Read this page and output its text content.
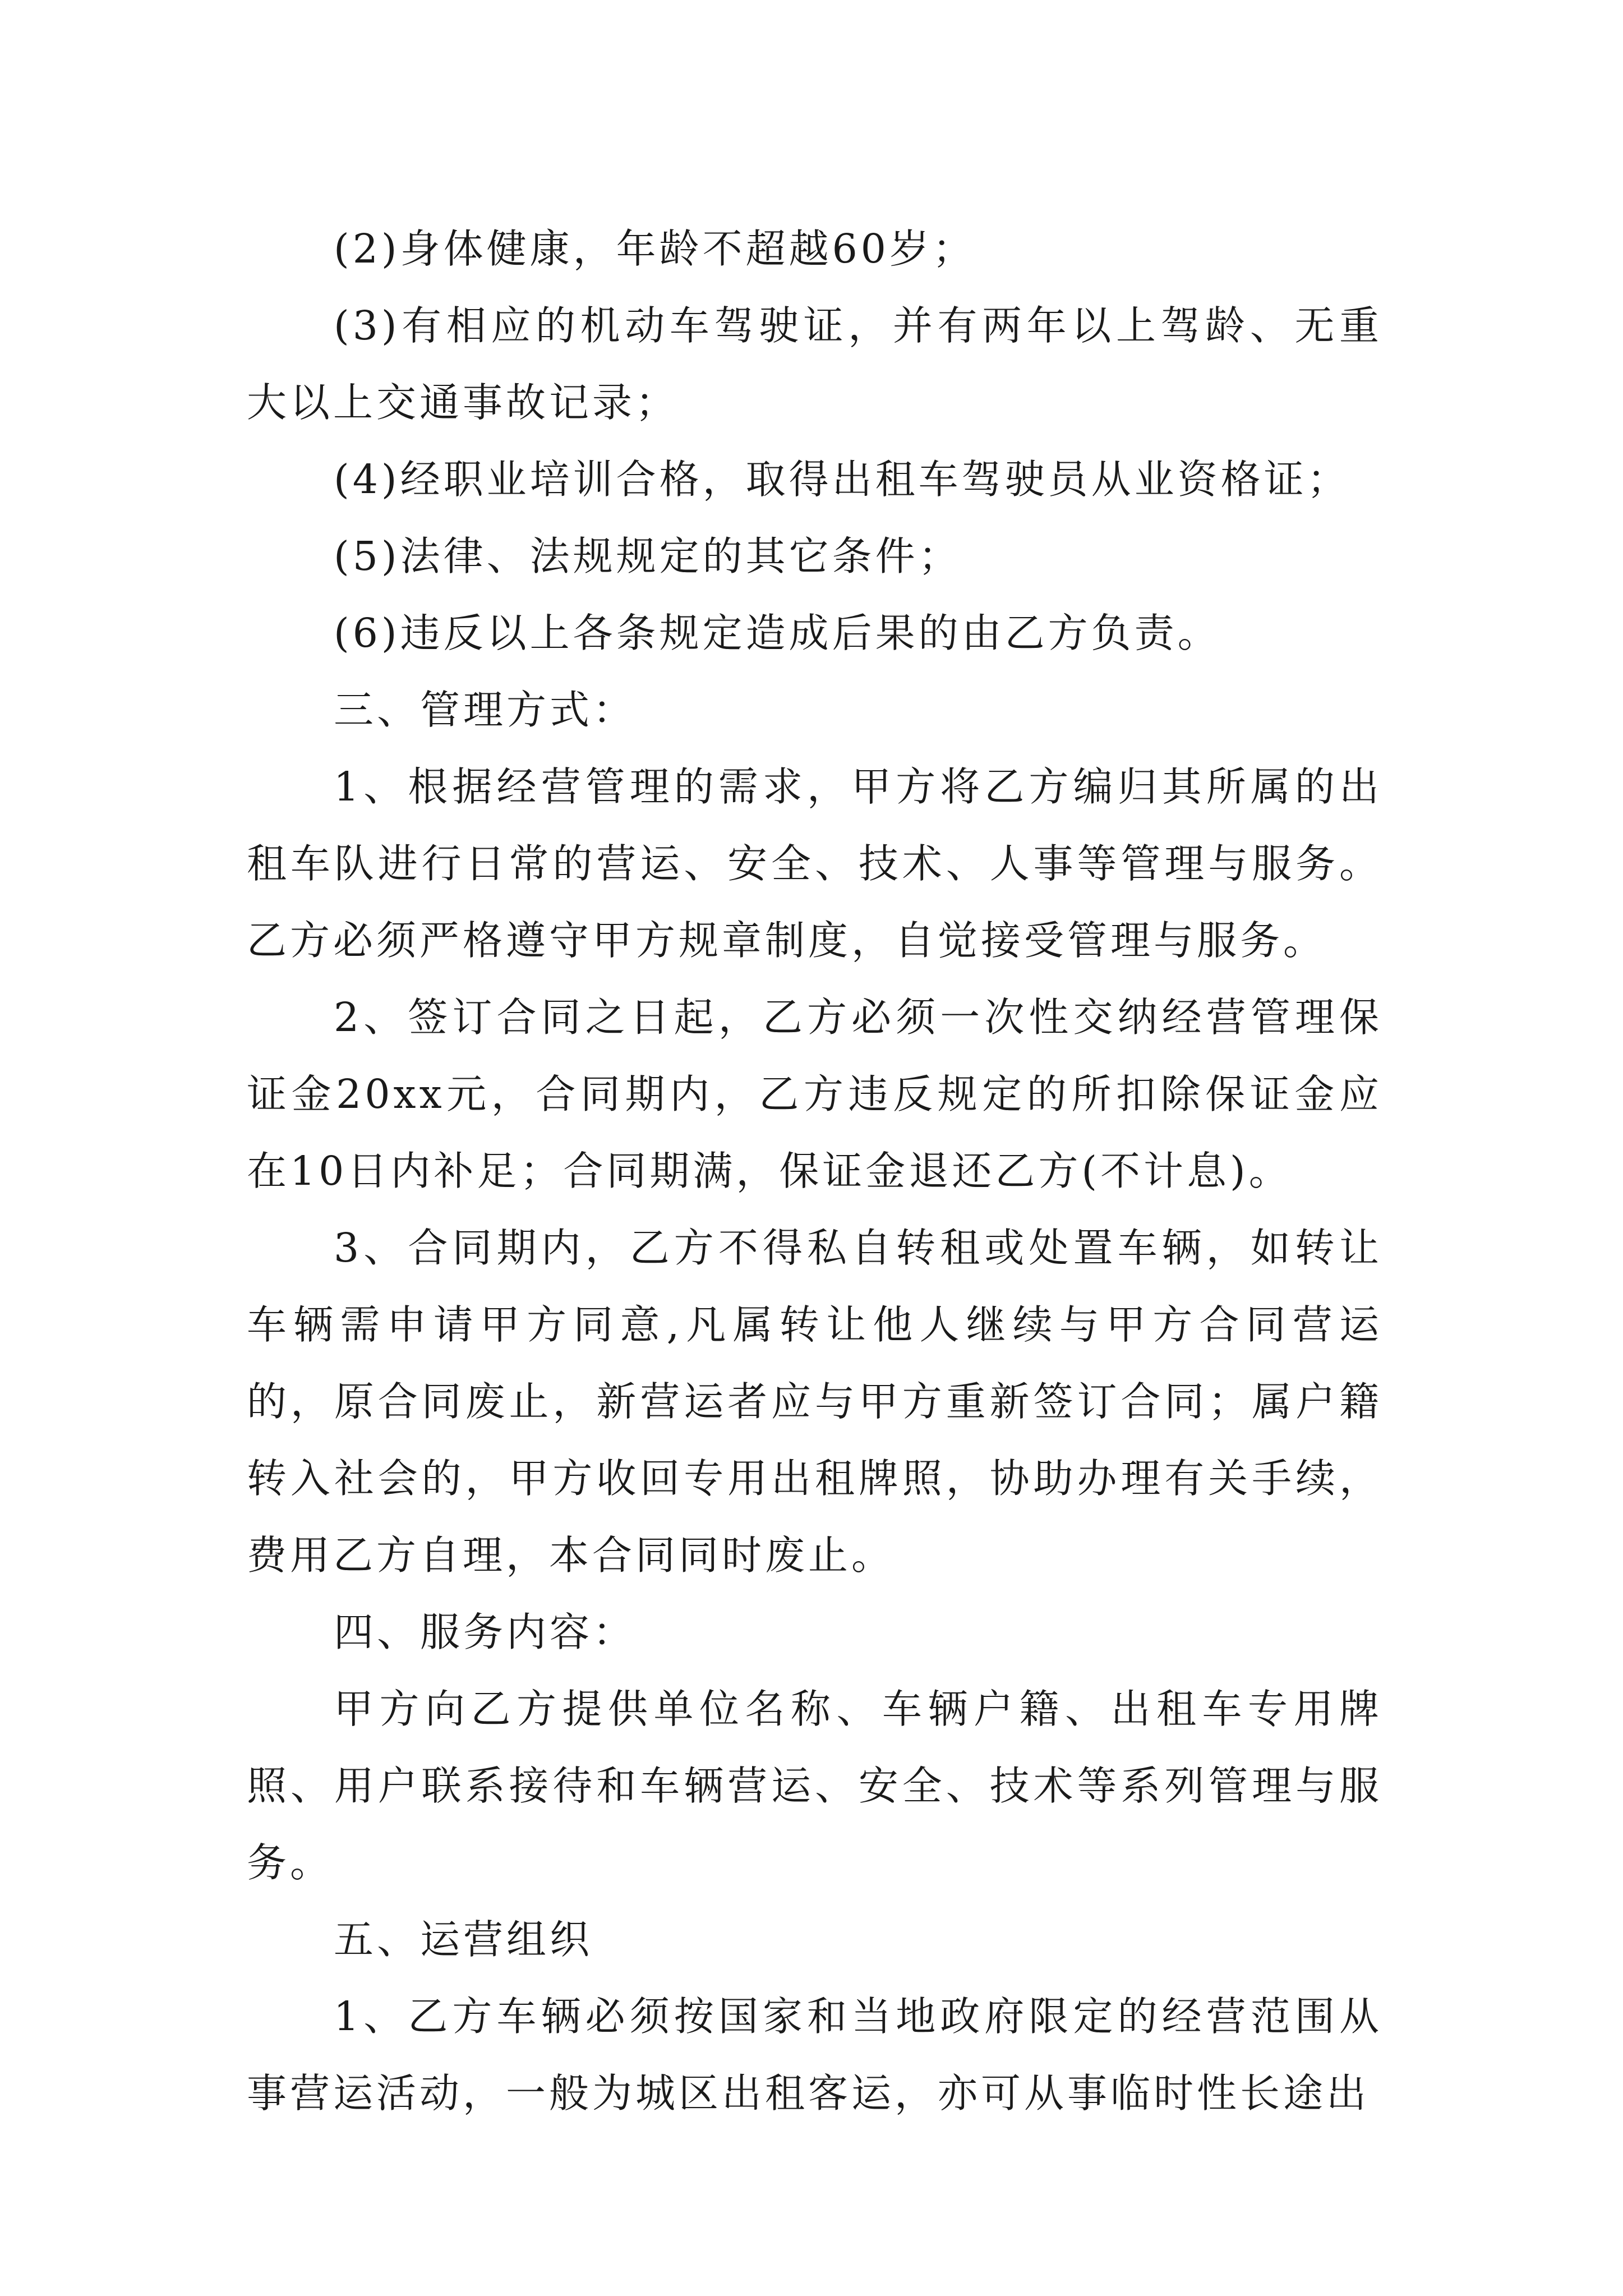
(2)身体健康，年龄不超越60岁；

(3)有相应的机动车驾驶证，并有两年以上驾龄、无重大以上交通事故记录；

(4)经职业培训合格，取得出租车驾驶员从业资格证；

(5)法律、法规规定的其它条件；

(6)违反以上各条规定造成后果的由乙方负责。

三、管理方式：

1、根据经营管理的需求，甲方将乙方编归其所属的出租车队进行日常的营运、安全、技术、人事等管理与服务。乙方必须严格遵守甲方规章制度，自觉接受管理与服务。

2、签订合同之日起，乙方必须一次性交纳经营管理保证金20xx元，合同期内，乙方违反规定的所扣除保证金应在10日内补足；合同期满，保证金退还乙方(不计息)。

3、合同期内，乙方不得私自转租或处置车辆，如转让车辆需申请甲方同意,凡属转让他人继续与甲方合同营运的，原合同废止，新营运者应与甲方重新签订合同；属户籍转入社会的，甲方收回专用出租牌照，协助办理有关手续，费用乙方自理，本合同同时废止。

四、服务内容：

甲方向乙方提供单位名称、车辆户籍、出租车专用牌照、用户联系接待和车辆营运、安全、技术等系列管理与服务。

五、运营组织

1、乙方车辆必须按国家和当地政府限定的经营范围从事营运活动，一般为城区出租客运，亦可从事临时性长途出
